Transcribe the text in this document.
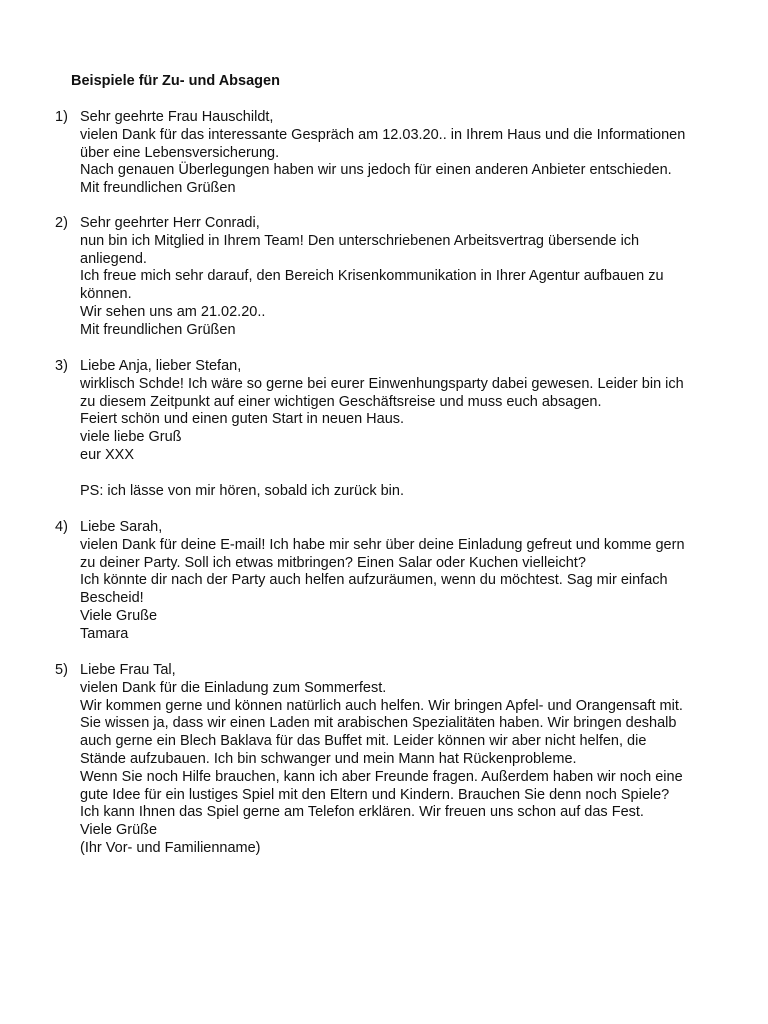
Beispiele für Zu- und Absagen
1) Sehr geehrte Frau Hauschildt,
vielen Dank für das interessante Gespräch am 12.03.20.. in Ihrem Haus und die Informationen
über eine Lebensversicherung.
Nach genauen Überlegungen haben wir uns jedoch für einen anderen Anbieter entschieden.
Mit freundlichen Grüßen
2) Sehr geehrter Herr Conradi,
nun bin ich Mitglied in Ihrem Team! Den unterschriebenen Arbeitsvertrag übersende ich
anliegend.
Ich freue mich sehr darauf, den Bereich Krisenkommunikation in Ihrer Agentur aufbauen zu
können.
Wir sehen uns am 21.02.20..
Mit freundlichen Grüßen
3) Liebe Anja, lieber Stefan,
wirklisch Schde! Ich wäre so gerne bei eurer Einwenhungsparty dabei gewesen. Leider bin ich
zu diesem Zeitpunkt auf einer wichtigen Geschäftsreise und muss euch absagen.
Feiert schön und einen guten Start in neuen Haus.
viele liebe Gruß
eur XXX
PS: ich lässe von mir hören, sobald ich zurück bin.
4) Liebe Sarah,
vielen Dank für deine E-mail! Ich habe mir sehr über deine Einladung gefreut und komme gern
zu deiner Party. Soll ich etwas mitbringen? Einen Salar oder Kuchen vielleicht?
Ich könnte dir nach der Party auch helfen aufzuräumen, wenn du möchtest. Sag mir einfach
Bescheid!
Viele Gruße
Tamara
5) Liebe Frau Tal,
vielen Dank für die Einladung zum Sommerfest.
Wir kommen gerne und können natürlich auch helfen. Wir bringen Apfel- und Orangensaft mit.
Sie wissen ja, dass wir einen Laden mit arabischen Spezialitäten haben. Wir bringen deshalb
auch gerne ein Blech Baklava für das Buffet mit. Leider können wir aber nicht helfen, die
Stände aufzubauen. Ich bin schwanger und mein Mann hat Rückenprobleme.
Wenn Sie noch Hilfe brauchen, kann ich aber Freunde fragen. Außerdem haben wir noch eine
gute Idee für ein lustiges Spiel mit den Eltern und Kindern. Brauchen Sie denn noch Spiele?
Ich kann Ihnen das Spiel gerne am Telefon erklären. Wir freuen uns schon auf das Fest.
Viele Grüße
(Ihr Vor- und Familienname)
